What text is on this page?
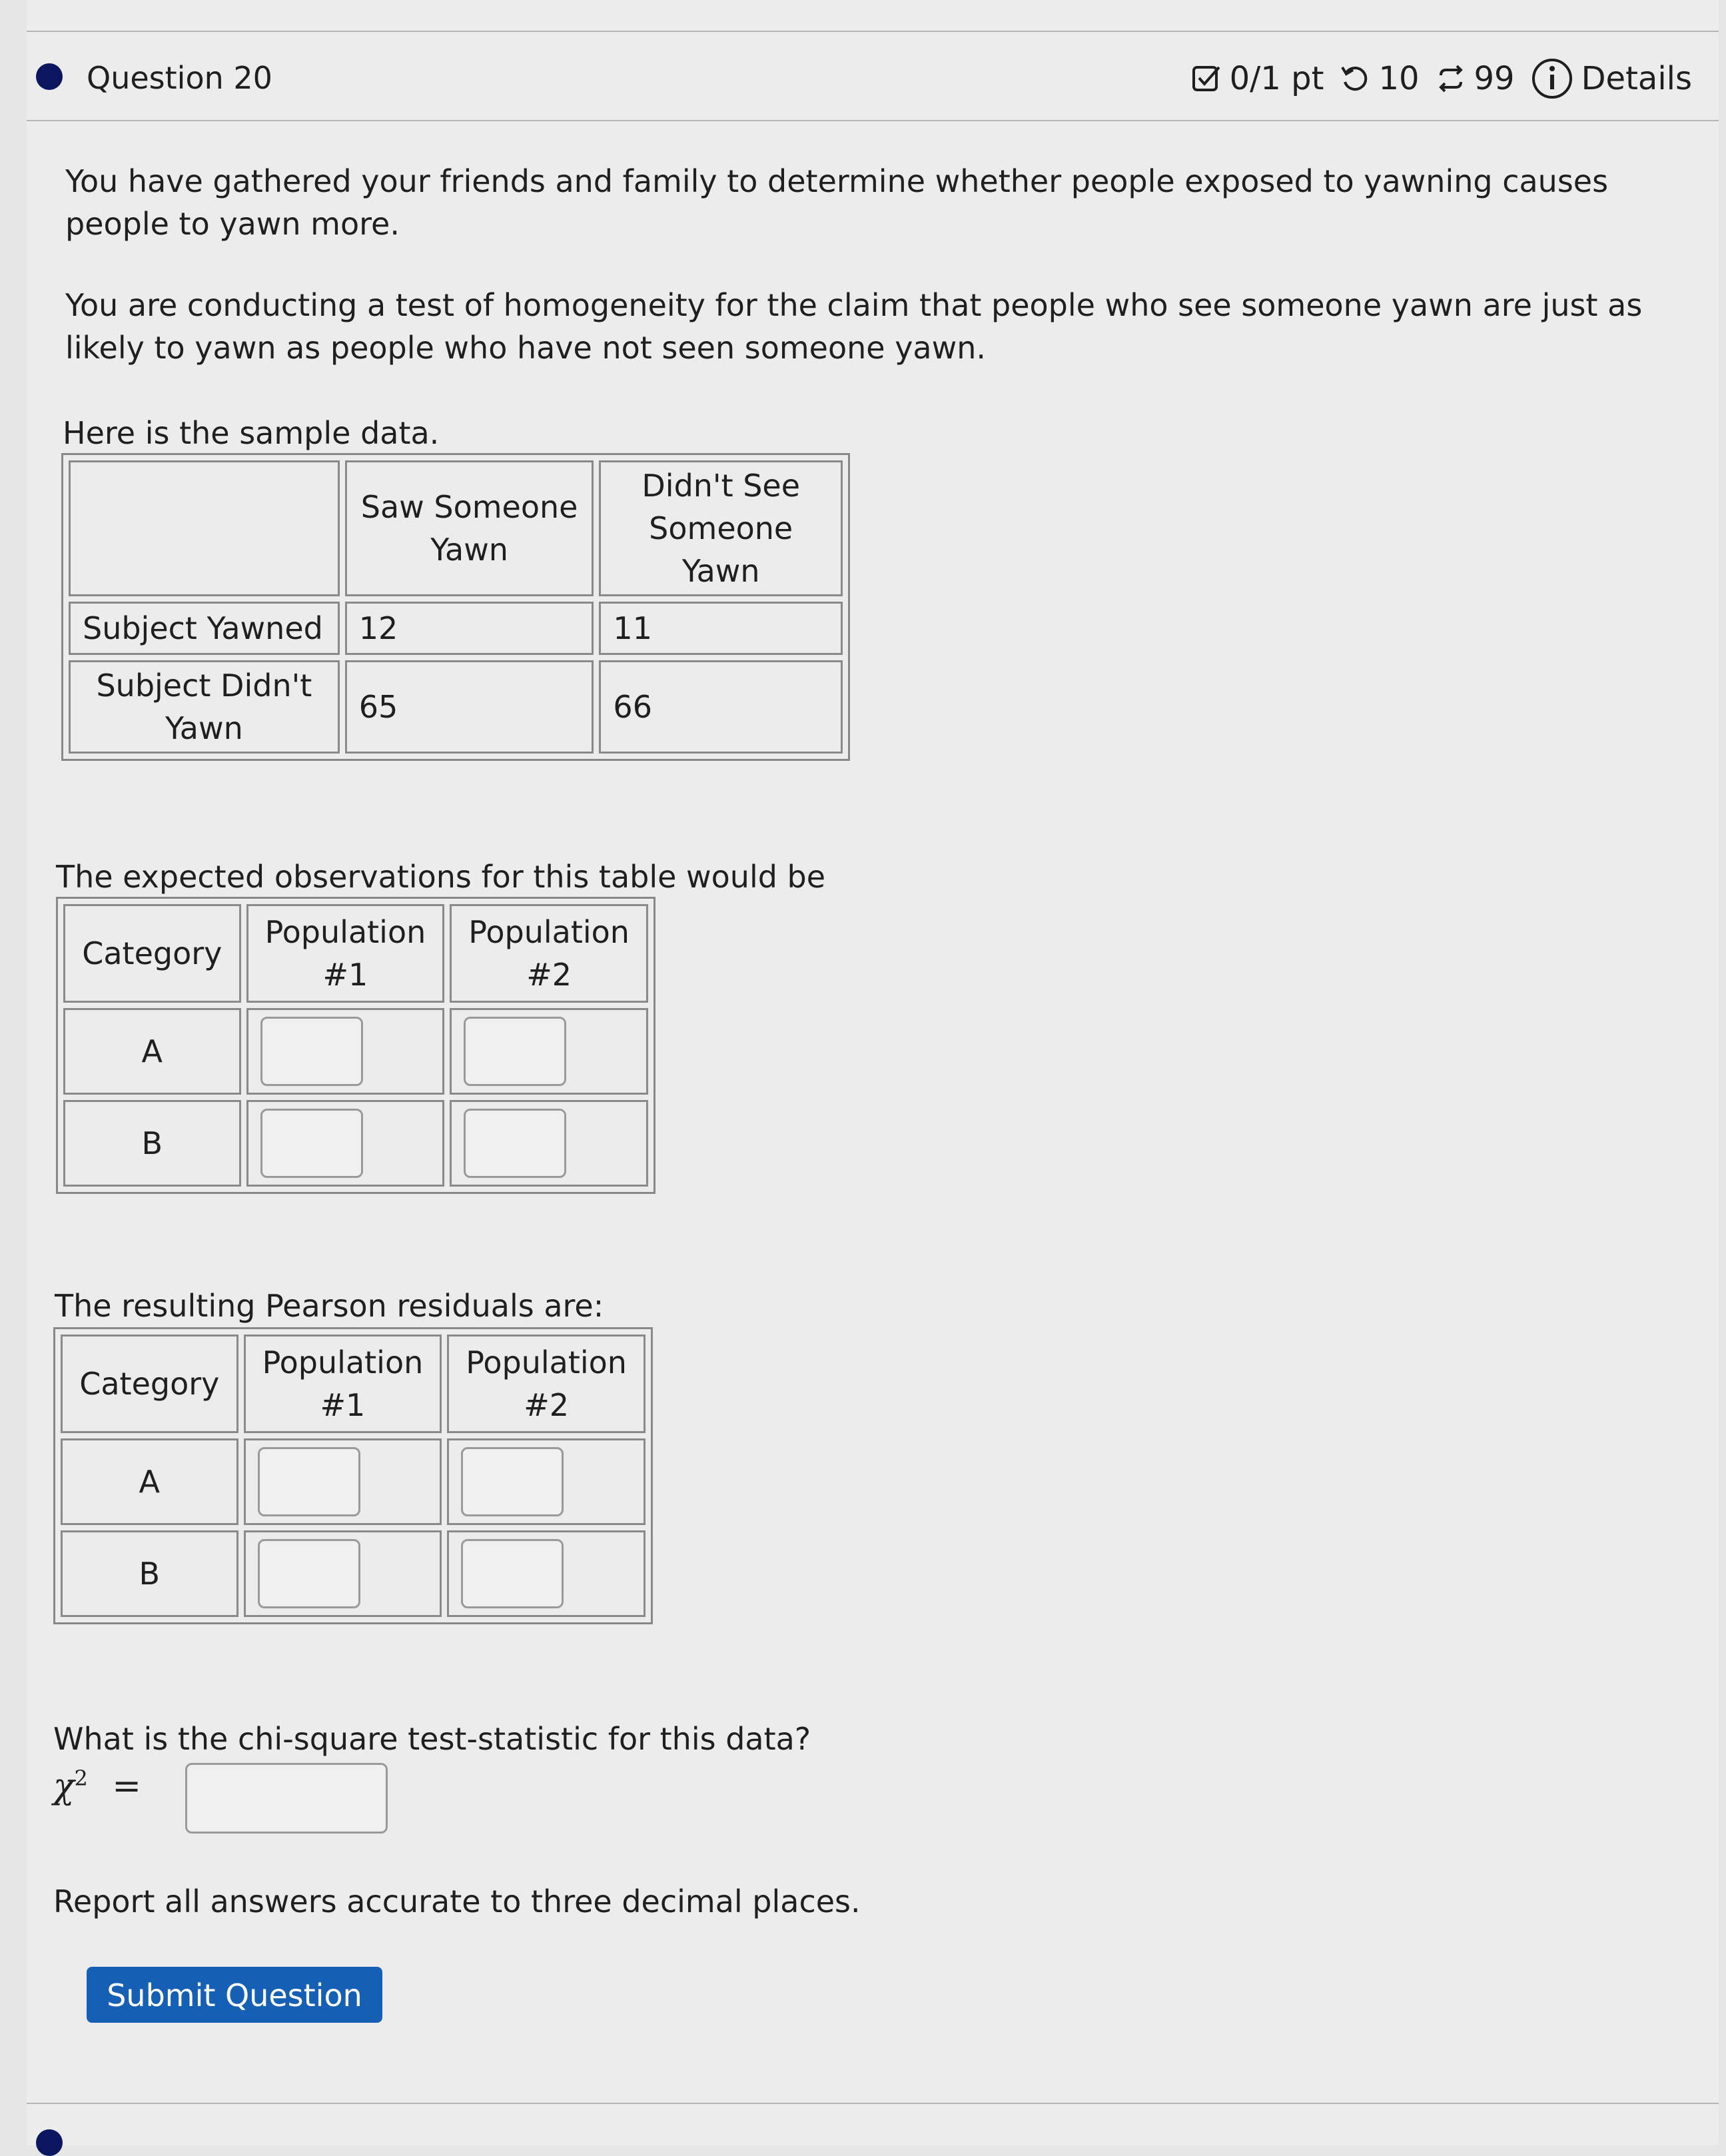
Question 20	0/1 pt 10 99 Details
You have gathered your friends and family to determine whether people exposed to yawning causes people to yawn more.
You are conducting a test of homogeneity for the claim that people who see someone yawn are just as likely to yawn as people who have not seen someone yawn.
Here is the sample data.
	Saw Someone Yawn	Didn't See Someone Yawn
Subject Yawned	12	11
Subject Didn't Yawn	65	66
The expected observations for this table would be
Category	Population #1	Population #2
A	

B	

The resulting Pearson residuals are:
Category	Population #1	Population #2
A	

B	

What is the chi-square test-statistic for this data?
$\chi^2$ =
Report all answers accurate to three decimal places.
Submit Question
